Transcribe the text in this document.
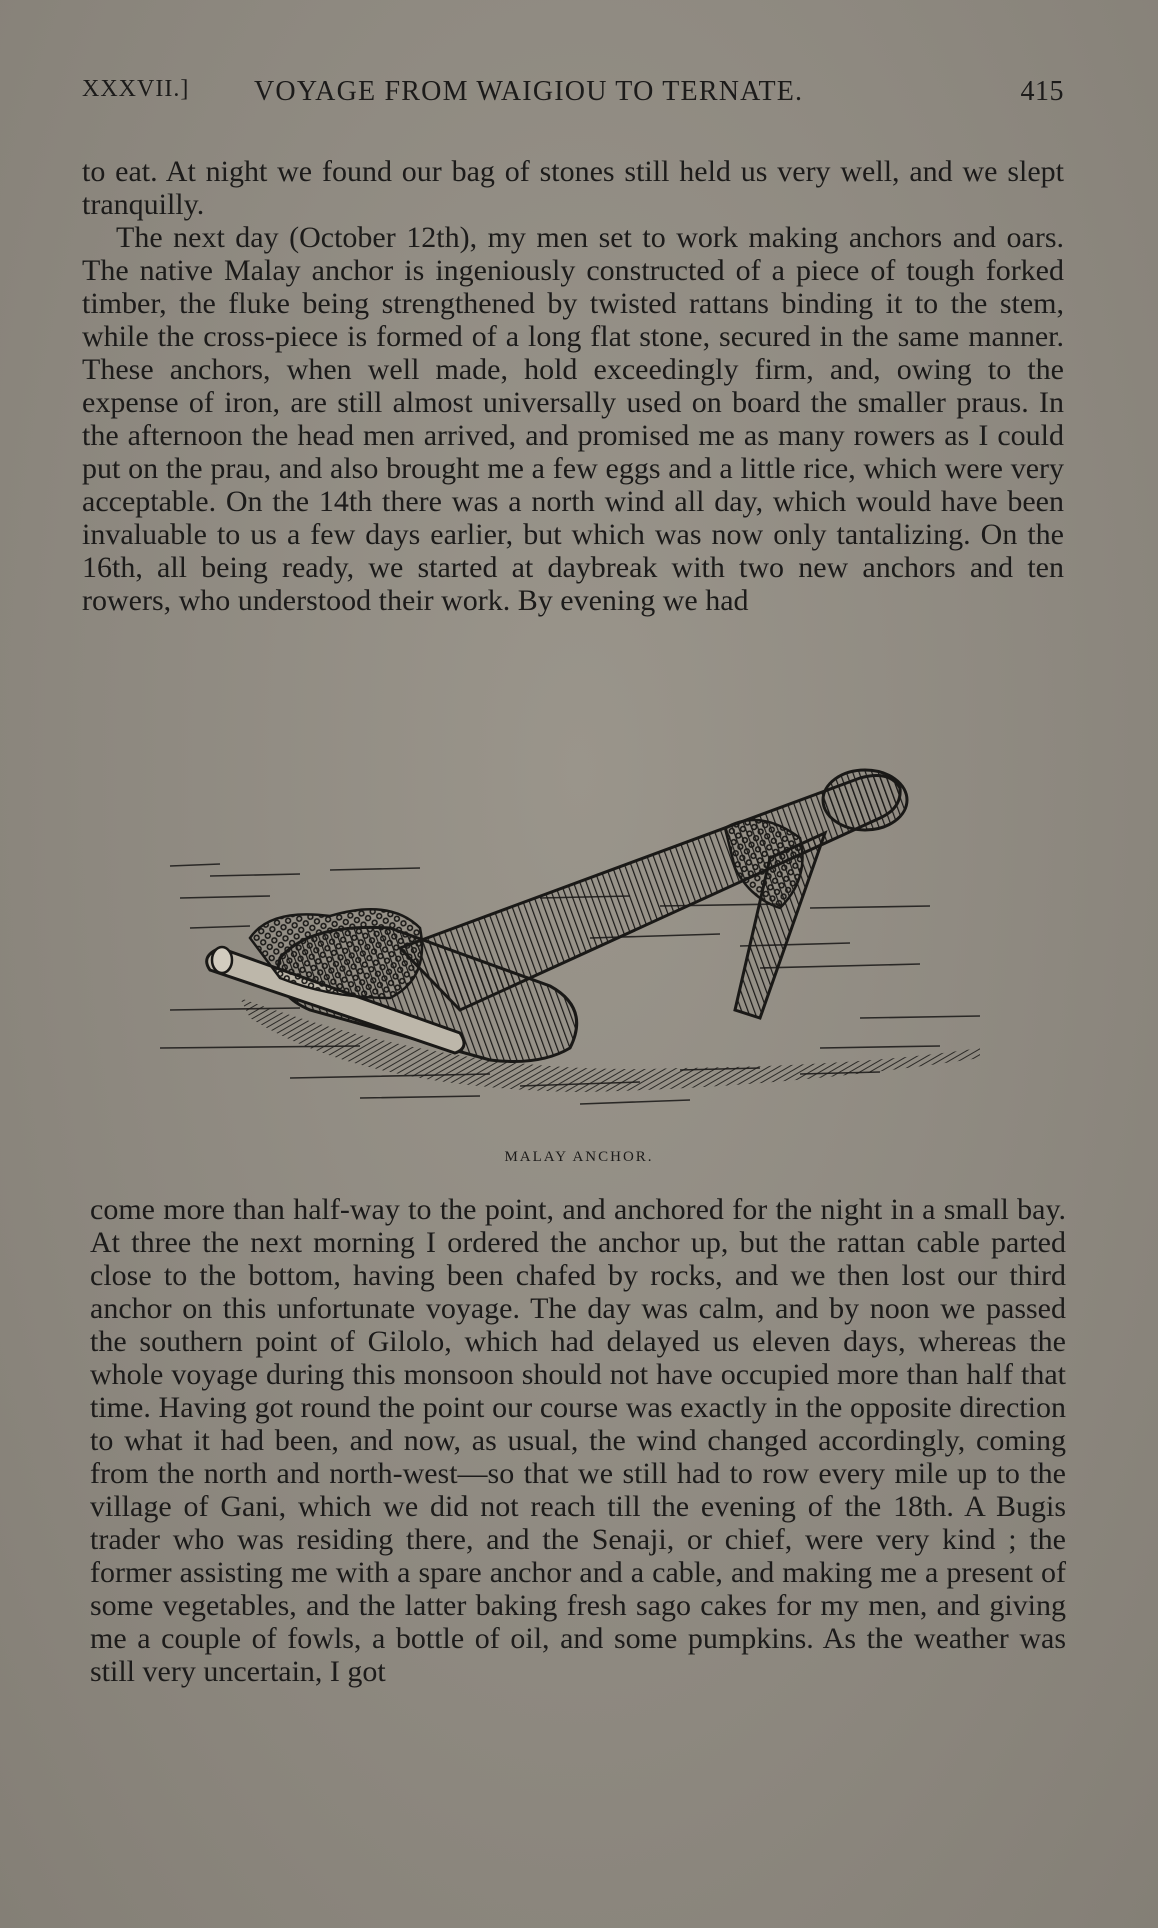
XXXVII.] VOYAGE FROM WAIGIOU TO TERNATE.	415

to eat. At night we found our bag of stones still held us very well, and we slept tranquilly.

The next day (October 12th), my men set to work making anchors and oars. The native Malay anchor is ingeniously constructed of a piece of tough forked timber, the fluke being strengthened by twisted rattans binding it to the stem, while the cross-piece is formed of a long flat stone, secured in the same manner. These anchors, when well made, hold exceedingly firm, and, owing to the expense of iron, are still almost universally used on board the smaller praus. In the afternoon the head men arrived, and promised me as many rowers as I could put on the prau, and also brought me a few eggs and a little rice, which were very acceptable. On the 14th there was a north wind all day, which would have been invaluable to us a few days earlier, but which was now only tantalizing. On the 16th, all being ready, we started at daybreak with two new anchors and ten rowers, who understood their work. By evening we had

MALAY ANCHOR.

come more than half-way to the point, and anchored for the night in a small bay. At three the next morning I ordered the anchor up, but the rattan cable parted close to the bottom, having been chafed by rocks, and we then lost our third anchor on this unfortunate voyage. The day was calm, and by noon we passed the southern point of Gilolo, which had delayed us eleven days, whereas the whole voyage during this monsoon should not have occupied more than half that time. Having got round the point our course was exactly in the opposite direction to what it had been, and now, as usual, the wind changed accordingly, coming from the north and north-west—so that we still had to row every mile up to the village of Gani, which we did not reach till the evening of the 18th. A Bugis trader who was residing there, and the Senaji, or chief, were very kind ; the former assisting me with a spare anchor and a cable, and making me a present of some vegetables, and the latter baking fresh sago cakes for my men, and giving me a couple of fowls, a bottle of oil, and some pumpkins. As the weather was still very uncertain, I got
